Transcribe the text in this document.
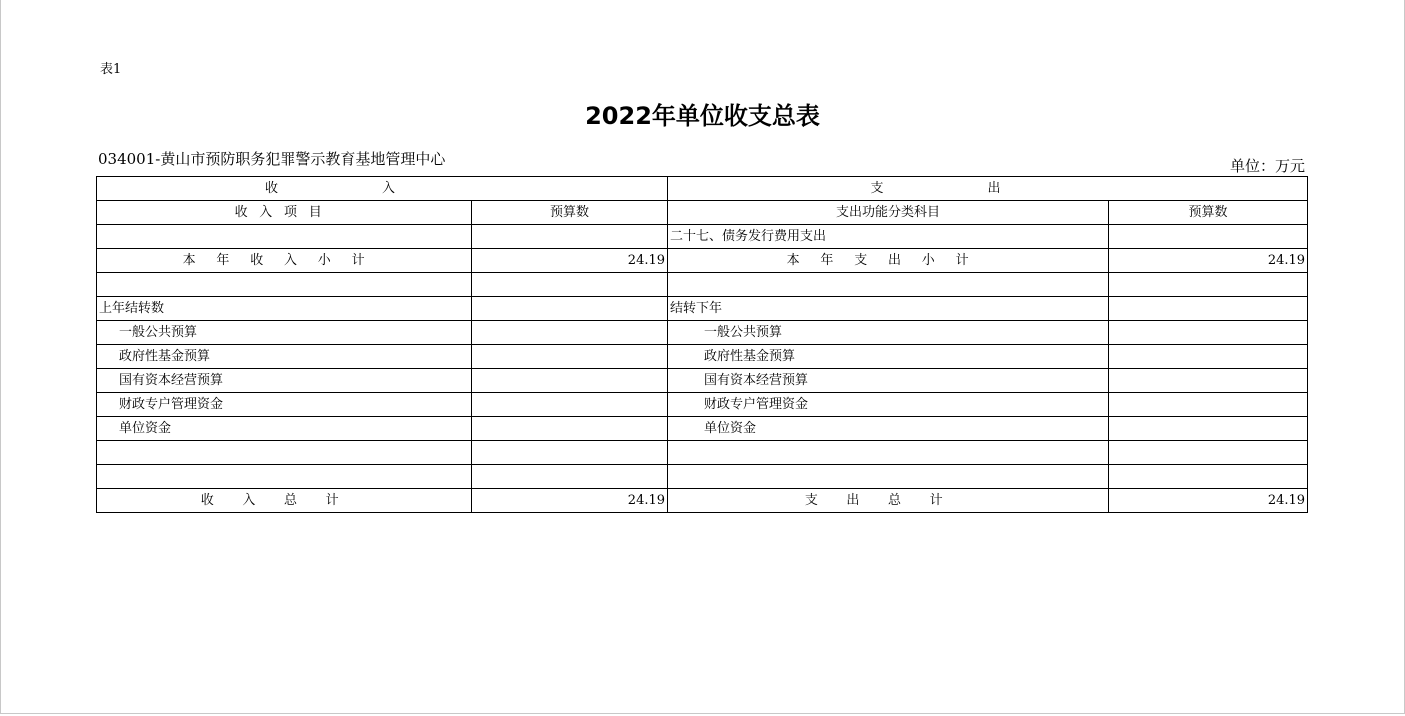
表1
2022年单位收支总表
034001-黄山市预防职务犯罪警示教育基地管理中心	单位：万元
收入		支出	
收入项目	预算数	支出功能分类科目	预算数
		二十七、债务发行费用支出	
本年收入小计	24.19	本年支出小计	24.19

上年结转数		结转下年	
一般公共预算		一般公共预算	
政府性基金预算		政府性基金预算	
国有资本经营预算		国有资本经营预算	
财政专户管理资金		财政专户管理资金	
单位资金		单位资金	

收入总计	24.19	支出总计	24.19
